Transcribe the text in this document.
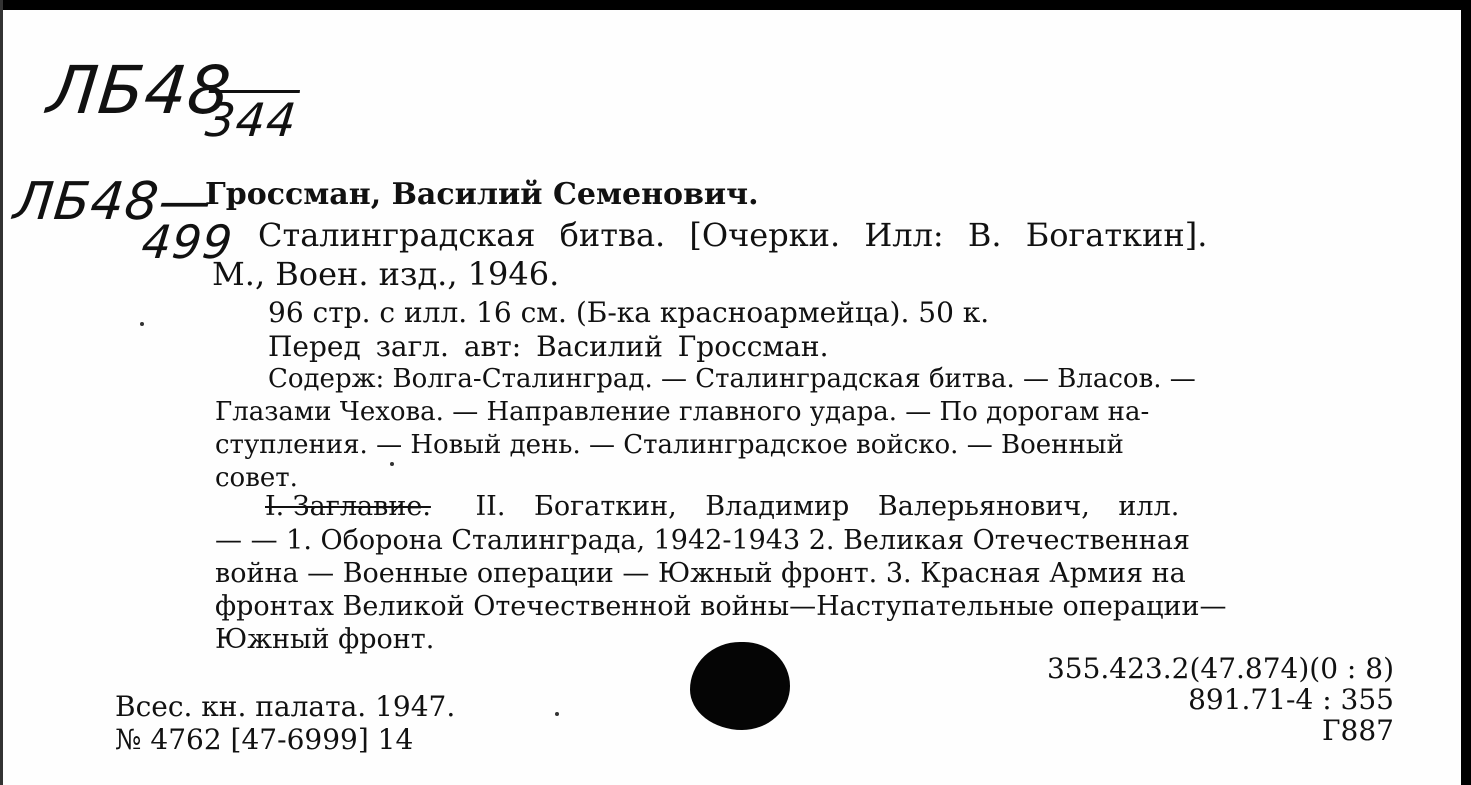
ЛБ48
344
ЛБ48—
499
Гроссман, Василий Семенович.
Сталинградская битва. [Очерки. Илл: В. Богаткин].
М., Воен. изд., 1946.
96 стр. с илл. 16 см. (Б-ка красноармейца). 50 к.
Перед загл. авт: Василий Гроссман.
Содерж: Волга-Сталинград. — Сталинградская битва. — Власов. —
Глазами Чехова. — Направление главного удара. — По дорогам на-
ступления. — Новый день. — Сталинградское войско. — Военный
совет.
I. Заглавие. II. Богаткин, Владимир Валерьянович, илл.
— — 1. Оборона Сталинграда, 1942-1943 2. Великая Отечественная
война — Военные операции — Южный фронт. 3. Красная Армия на
фронтах Великой Отечественной войны—Наступательные операции—
Южный фронт.
Всес. кн. палата. 1947.
№ 4762 [47-6999] 14
355.423.2(47.874)(0 : 8)
891.71-4 : 355
Г887
